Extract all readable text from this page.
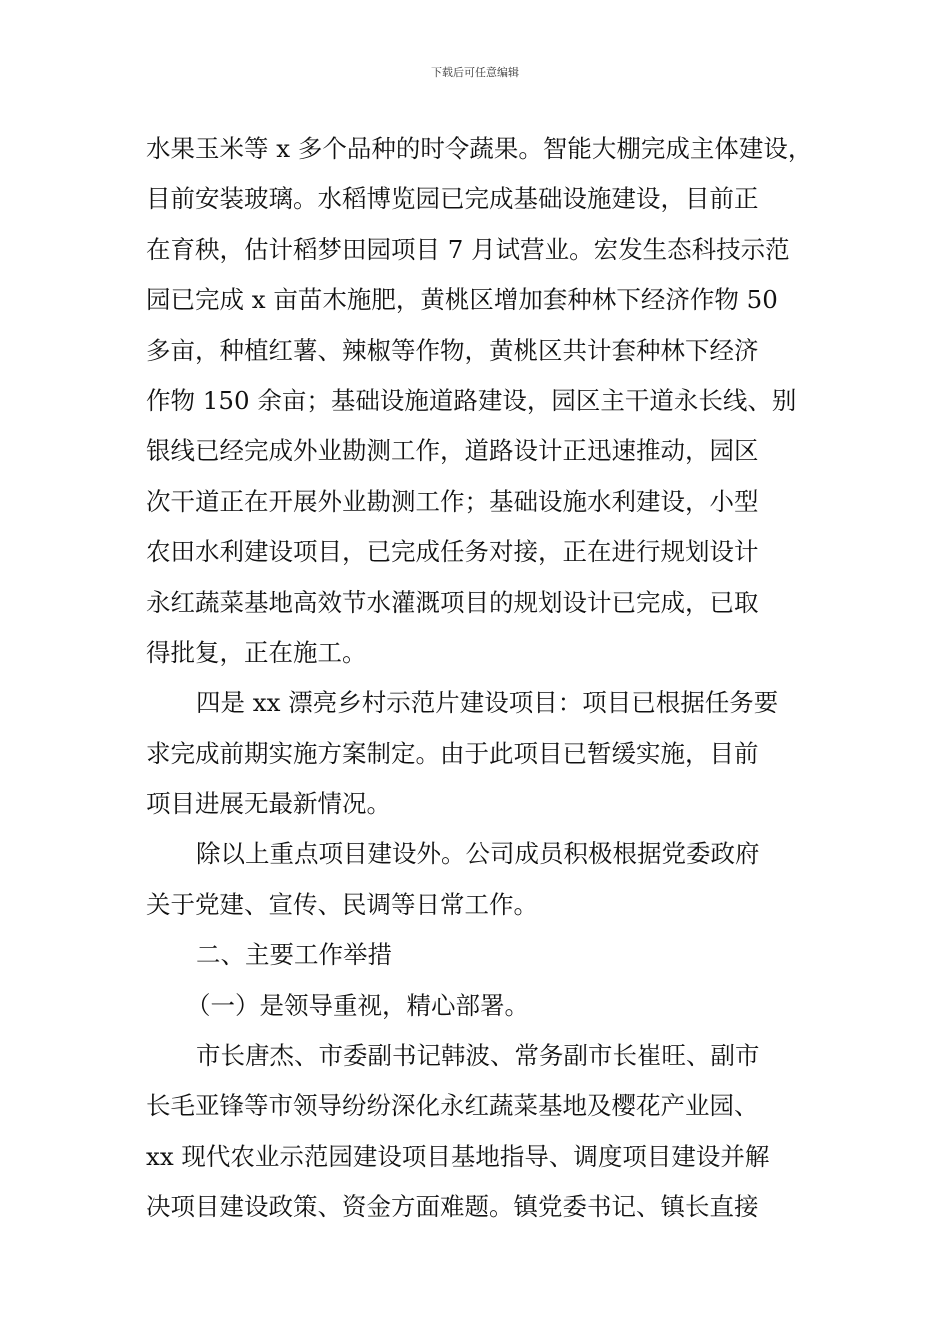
下载后可任意编辑
水果玉米等 x 多个品种的时令蔬果。智能大棚完成主体建设，
目前安装玻璃。水稻博览园已完成基础设施建设，目前正
在育秧，估计稻梦田园项目 7 月试营业。宏发生态科技示范
园已完成 x 亩苗木施肥，黄桃区增加套种林下经济作物 50
多亩，种植红薯、辣椒等作物，黄桃区共计套种林下经济
作物 150 余亩；基础设施道路建设，园区主干道永长线、别
银线已经完成外业勘测工作，道路设计正迅速推动，园区
次干道正在开展外业勘测工作；基础设施水利建设，小型
农田水利建设项目，已完成任务对接，正在进行规划设计
永红蔬菜基地高效节水灌溉项目的规划设计已完成，已取
得批复，正在施工。
四是 xx 漂亮乡村示范片建设项目：项目已根据任务要
求完成前期实施方案制定。由于此项目已暂缓实施，目前
项目进展无最新情况。
除以上重点项目建设外。公司成员积极根据党委政府
关于党建、宣传、民调等日常工作。
二、主要工作举措
（一）是领导重视，精心部署。
市长唐杰、市委副书记韩波、常务副市长崔旺、副市
长毛亚锋等市领导纷纷深化永红蔬菜基地及樱花产业园、
xx 现代农业示范园建设项目基地指导、调度项目建设并解
决项目建设政策、资金方面难题。镇党委书记、镇长直接
